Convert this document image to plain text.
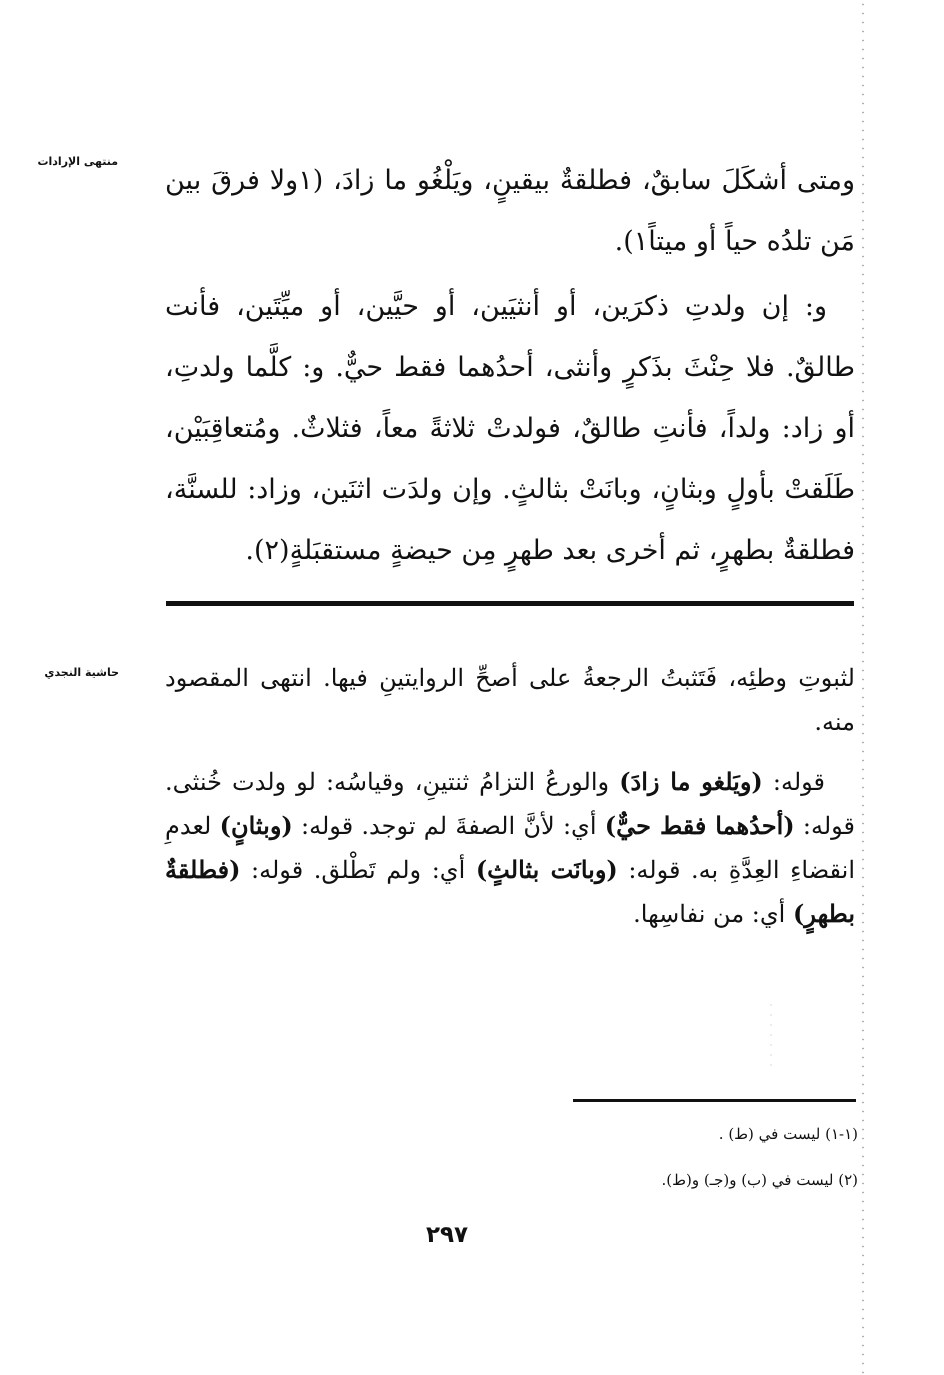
منتهى الإرادات

ومتى أشكَلَ سابقٌ، فطلقةٌ بيقينٍ، ويَلْغُو ما زادَ، (١ولا فرقَ بين مَن تلدُه حياً أو ميتاً١).

و: إن ولدتِ ذكرَين، أو أنثيَين، أو حيَّين، أو ميِّتَين، فأنت طالقٌ. فلا حِنْثَ بذَكرٍ وأنثى، أحدُهما فقط حيٌّ. و: كلَّما ولدتِ، أو زاد: ولداً، فأنتِ طالقٌ، فولدتْ ثلاثةً معاً، فثلاثٌ. ومُتعاقِبَيْن، طَلَقتْ بأولٍ وبثانٍ، وبانَتْ بثالثٍ. وإن ولدَت اثنَين، وزاد: للسنَّة، فطلقةٌ بطهرٍ، ثم أخرى بعد طهرٍ مِن حيضةٍ مستقبَلةٍ(٢).

حاشية النجدي لثبوتِ وطئِه، فَتَثبتُ الرجعةُ على أصحِّ الروايتينِ فيها. انتهى المقصود منه.

قوله: (ويَلغو ما زادَ) والورعُ التزامُ ثنتينِ، وقياسُه: لو ولدت خُنثى. قوله: (أحدُهما فقط حيٌّ) أي: لأنَّ الصفةَ لم توجد. قوله: (وبثانٍ) لعدمِ انقضاءِ العِدَّةِ به. قوله: (وبانَت بثالثٍ) أي: ولم تَطْلق. قوله: (فطلقةٌ بطهرٍ) أي: من نفاسِها.

(١-١) ليست في (ط) .
(٢) ليست في (ب) و(جـ) و(ط).
٢٩٧
